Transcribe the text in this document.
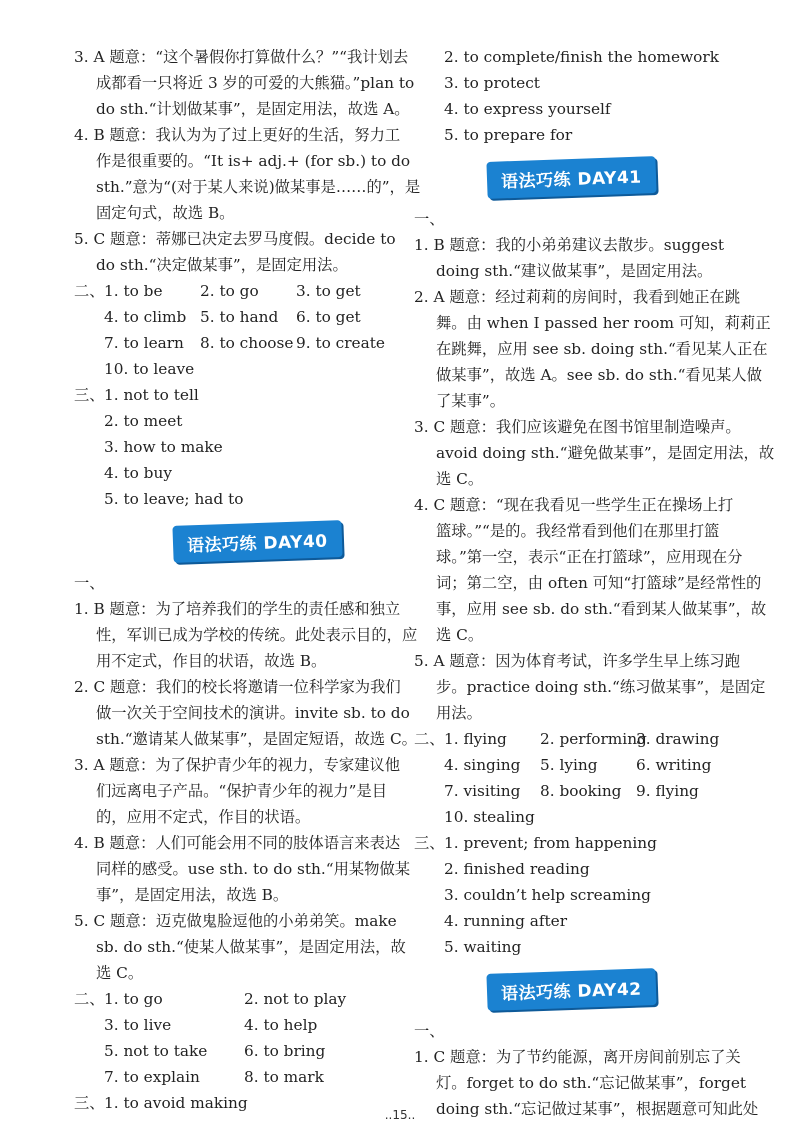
3. A 题意：“这个暑假你打算做什么？”“我计划去
成都看一只将近 3 岁的可爱的大熊猫。”plan to
do sth.“计划做某事”，是固定用法，故选 A。
4. B 题意：我认为为了过上更好的生活，努力工
作是很重要的。“It is+ adj.+ (for sb.) to do
sth.”意为“(对于某人来说)做某事是……的”，是
固定句式，故选 B。
5. C 题意：蒂娜已决定去罗马度假。decide to
do sth.“决定做某事”，是固定用法。
二、1. to be 2. to go 3. to get
4. to climb 5. to hand 6. to get
7. to learn 8. to choose 9. to create
10. to leave
三、1. not to tell
2. to meet
3. how to make
4. to buy
5. to leave; had to
语法巧练 DAY40
一、
1. B 题意：为了培养我们的学生的责任感和独立
性，军训已成为学校的传统。此处表示目的，应
用不定式，作目的状语，故选 B。
2. C 题意：我们的校长将邀请一位科学家为我们
做一次关于空间技术的演讲。invite sb. to do
sth.“邀请某人做某事”，是固定短语，故选 C。
3. A 题意：为了保护青少年的视力，专家建议他
们远离电子产品。“保护青少年的视力”是目
的，应用不定式，作目的状语。
4. B 题意：人们可能会用不同的肢体语言来表达
同样的感受。use sth. to do sth.“用某物做某
事”，是固定用法，故选 B。
5. C 题意：迈克做鬼脸逗他的小弟弟笑。make
sb. do sth.“使某人做某事”，是固定用法，故
选 C。
二、1. to go	2. not to play
3. to live	4. to help
5. not to take 6. to bring
7. to explain	8. to mark
三、1. to avoid making
2. to complete/finish the homework
3. to protect
4. to express yourself
5. to prepare for
语法巧练 DAY41
一、
1. B 题意：我的小弟弟建议去散步。suggest
doing sth.“建议做某事”，是固定用法。
2. A 题意：经过莉莉的房间时，我看到她正在跳
舞。由 when I passed her room 可知，莉莉正
在跳舞，应用 see sb. doing sth.“看见某人正在
做某事”，故选 A。see sb. do sth.“看见某人做
了某事”。
3. C 题意：我们应该避免在图书馆里制造噪声。
avoid doing sth.“避免做某事”，是固定用法，故
选 C。
4. C 题意：“现在我看见一些学生正在操场上打
篮球。”“是的。我经常看到他们在那里打篮
球。”第一空，表示“正在打篮球”，应用现在分
词；第二空，由 often 可知“打篮球”是经常性的
事，应用 see sb. do sth.“看到某人做某事”，故
选 C。
5. A 题意：因为体育考试，许多学生早上练习跑
步。practice doing sth.“练习做某事”，是固定
用法。
二、1. flying 2. performing3. drawing
4. singing 5. lying	6. writing
7. visiting 8. booking 9. flying
10. stealing
三、1. prevent; from happening
2. finished reading
3. couldn’t help screaming
4. running after
5. waiting
语法巧练 DAY42
一、
1. C 题意：为了节约能源，离开房间前别忘了关
灯。forget to do sth.“忘记做某事”，forget
doing sth.“忘记做过某事”，根据题意可知此处
..15..
